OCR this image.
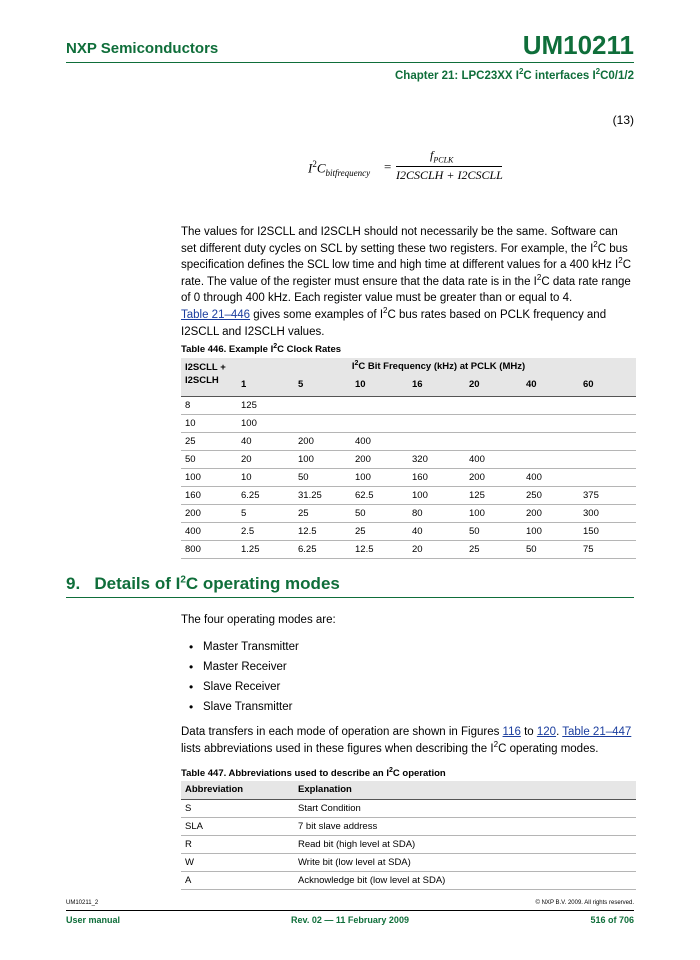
NXP Semiconductors	UM10211
Chapter 21: LPC23XX $I^2C$ interfaces $I^2C0/1/2$
(13)
$I^2C_{bitfrequency}$ =
$f_{PCLK}$
I2CSCLH + I2CSCLL

The values for I2SCLL and I2SCLH should not necessarily be the same. Software can set different duty cycles on SCL by setting these two registers. For example, the $I^2C$ bus specification defines the SCL low time and high time at different values for a 400 kHz $I^2C$ rate. The value of the register must ensure that the data rate is in the $I^2C$ data rate range of 0 through 400 kHz. Each register value must be greater than or equal to 4.
Table 21–446 gives some examples of $I^2C$ bus rates based on PCLK frequency and I2SCLL and I2SCLH values.

Table 446. Example $I^2C$ Clock Rates
I2SCLL + I2SCLH	$I^2C$ Bit Frequency (kHz) at PCLK (MHz)						
	1	5	10	16	20	40	60
8	125						
10	100						
25	40	200	400				
50	20	100	200	320	400		
100	10	50	100	160	200	400	
160	6.25	31.25	62.5	100	125	250	375
200	5	25	50	80	100	200	300
400	2.5	12.5	25	40	50	100	150
800	1.25	6.25	12.5	20	25	50	75
9. Details of $I^2C$ operating modes
The four operating modes are:
• Master Transmitter
• Master Receiver
• Slave Receiver
• Slave Transmitter

Data transfers in each mode of operation are shown in Figures 116 to 120. Table 21–447 lists abbreviations used in these figures when describing the $I^2C$ operating modes.

Table 447. Abbreviations used to describe an $I^2C$ operation
Abbreviation	Explanation
S	Start Condition
SLA	7 bit slave address
R	Read bit (high level at SDA)
W	Write bit (low level at SDA)
A	Acknowledge bit (low level at SDA)
UM10211_2	© NXP B.V. 2009. All rights reserved.
User manual	Rev. 02 — 11 February 2009	516 of 706
